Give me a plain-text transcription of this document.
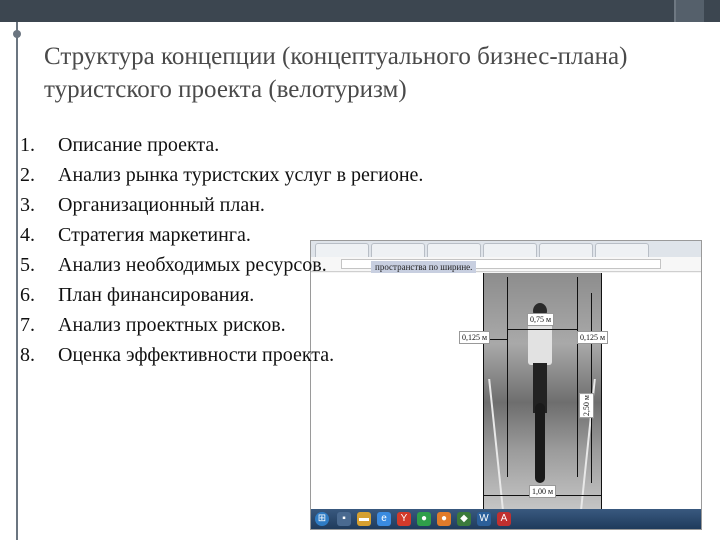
Структура концепции (концептуального бизнес-плана) туристского проекта (велотуризм)
1.	Описание проекта.
2.	Анализ рынка туристских услуг в регионе.
3.	Организационный план.
4.	Стратегия маркетинга.
5.	Анализ необходимых ресурсов.
6.	План финансирования.
7.	Анализ проектных рисков.
8.	Оценка эффективности проекта.
пространства по ширине.
0,75 м
0,125 м	0,125 м
2,50 м
1,00 м
⊞	▪	▬	e	Y	●	●	◆	W	A
